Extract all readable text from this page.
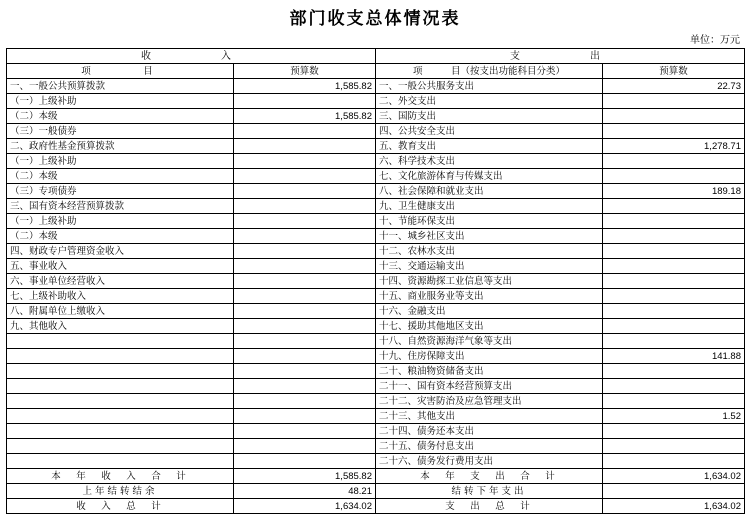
部门收支总体情况表
单位：万元
收　　　入		支　　　出	
项　　　目	预算数	项　　　目（按支出功能科目分类）	预算数
一、一般公共预算拨款	1,585.82	一、一般公共服务支出	22.73
（一）上级补助		二、外交支出	
（二）本级	1,585.82	三、国防支出	
（三）一般债券		四、公共安全支出	
二、政府性基金预算拨款		五、教育支出	1,278.71
（一）上级补助		六、科学技术支出	
（二）本级		七、文化旅游体育与传媒支出	
（三）专项债券		八、社会保障和就业支出	189.18
三、国有资本经营预算拨款		九、卫生健康支出	
（一）上级补助		十、节能环保支出	
（二）本级		十一、城乡社区支出	
四、财政专户管理资金收入		十二、农林水支出	
五、事业收入		十三、交通运输支出	
六、事业单位经营收入		十四、资源勘探工业信息等支出	
七、上级补助收入		十五、商业服务业等支出	
八、附属单位上缴收入		十六、金融支出	
九、其他收入		十七、援助其他地区支出	
		十八、自然资源海洋气象等支出	
		十九、住房保障支出	141.88
		二十、粮油物资储备支出	
		二十一、国有资本经营预算支出	
		二十二、灾害防治及应急管理支出	
		二十三、其他支出	1.52
		二十四、债务还本支出	
		二十五、债务付息支出	
		二十六、债务发行费用支出	
本　年　收　入　合　计	1,585.82	本　年　支　出　合　计	1,634.02
上年结转结余	48.21	结转下年支出	
收　入　总　计	1,634.02	支　出　总　计	1,634.02
